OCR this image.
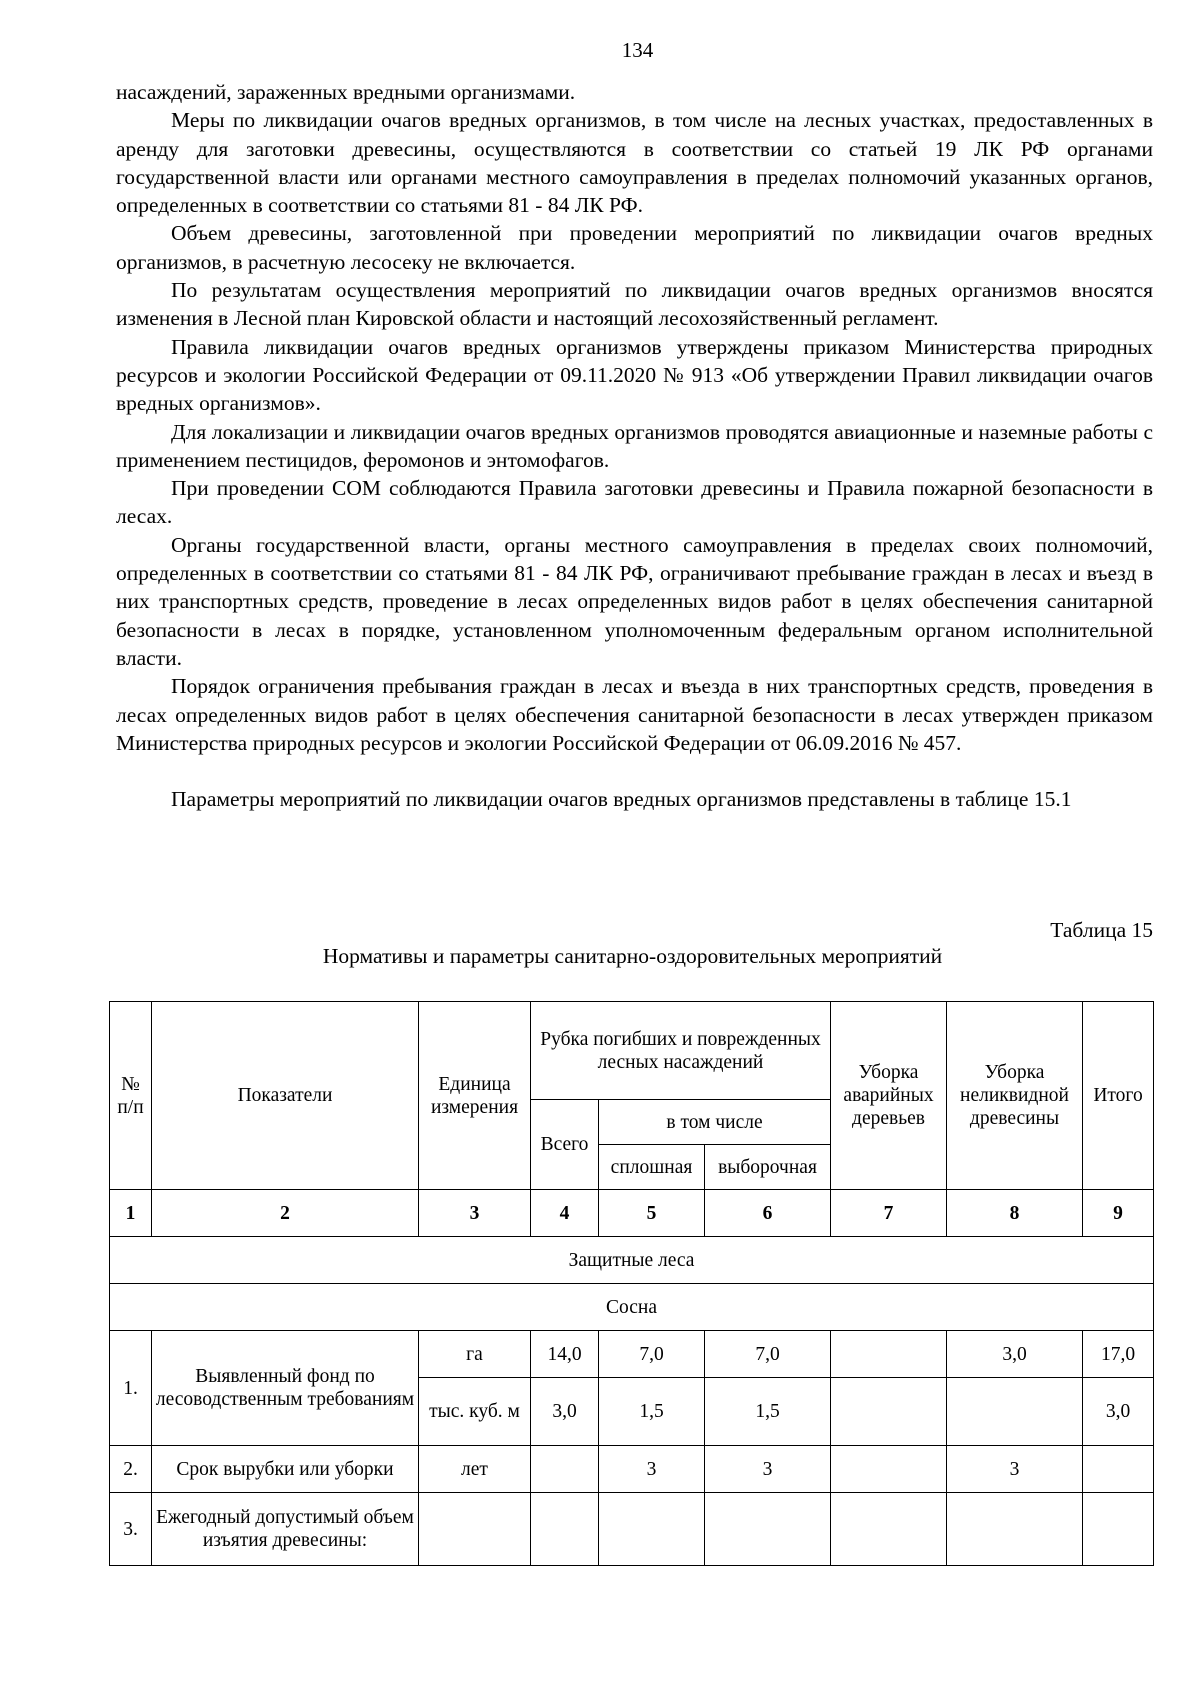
134

насаждений, зараженных вредными организмами.

Меры по ликвидации очагов вредных организмов, в том числе на лесных участках, предоставленных в аренду для заготовки древесины, осуществляются в соответствии со статьей 19 ЛК РФ органами государственной власти или органами местного самоуправления в пределах полномочий указанных органов, определенных в соответствии со статьями 81 - 84 ЛК РФ.

Объем древесины, заготовленной при проведении мероприятий по ликвидации очагов вредных организмов, в расчетную лесосеку не включается.

По результатам осуществления мероприятий по ликвидации очагов вредных организмов вносятся изменения в Лесной план Кировской области и настоящий лесохозяйственный регламент.

Правила ликвидации очагов вредных организмов утверждены приказом Министерства природных ресурсов и экологии Российской Федерации от 09.11.2020 № 913 «Об утверждении Правил ликвидации очагов вредных организмов».

Для локализации и ликвидации очагов вредных организмов проводятся авиационные и наземные работы с применением пестицидов, феромонов и энтомофагов.

При проведении СОМ соблюдаются Правила заготовки древесины и Правила пожарной безопасности в лесах.

Органы государственной власти, органы местного самоуправления в пределах своих полномочий, определенных в соответствии со статьями 81 - 84 ЛК РФ, ограничивают пребывание граждан в лесах и въезд в них транспортных средств, проведение в лесах определенных видов работ в целях обеспечения санитарной безопасности в лесах в порядке, установленном уполномоченным федеральным органом исполнительной власти.

Порядок ограничения пребывания граждан в лесах и въезда в них транспортных средств, проведения в лесах определенных видов работ в целях обеспечения санитарной безопасности в лесах утвержден приказом Министерства природных ресурсов и экологии Российской Федерации от 06.09.2016 № 457.

Параметры мероприятий по ликвидации очагов вредных организмов представлены в таблице 15.1

Таблица 15
Нормативы и параметры санитарно-оздоровительных мероприятий
№ п/п	Показатели	Единица измерения	Рубка погибших и поврежденных лесных насаждений			Уборка аварийных деревьев	Уборка неликвидной древесины	Итого
			Всего	в том числе				
				сплошная	выборочная			
1	2	3	4	5	6	7	8	9
Защитные леса								
Сосна								
1.	Выявленный фонд по лесоводственным требованиям	га	14,0	7,0	7,0		3,0	17,0
		тыс. куб. м	3,0	1,5	1,5			3,0
2.	Срок вырубки или уборки	лет		3	3		3	
3.	Ежегодный допустимый объем изъятия древесины:							
